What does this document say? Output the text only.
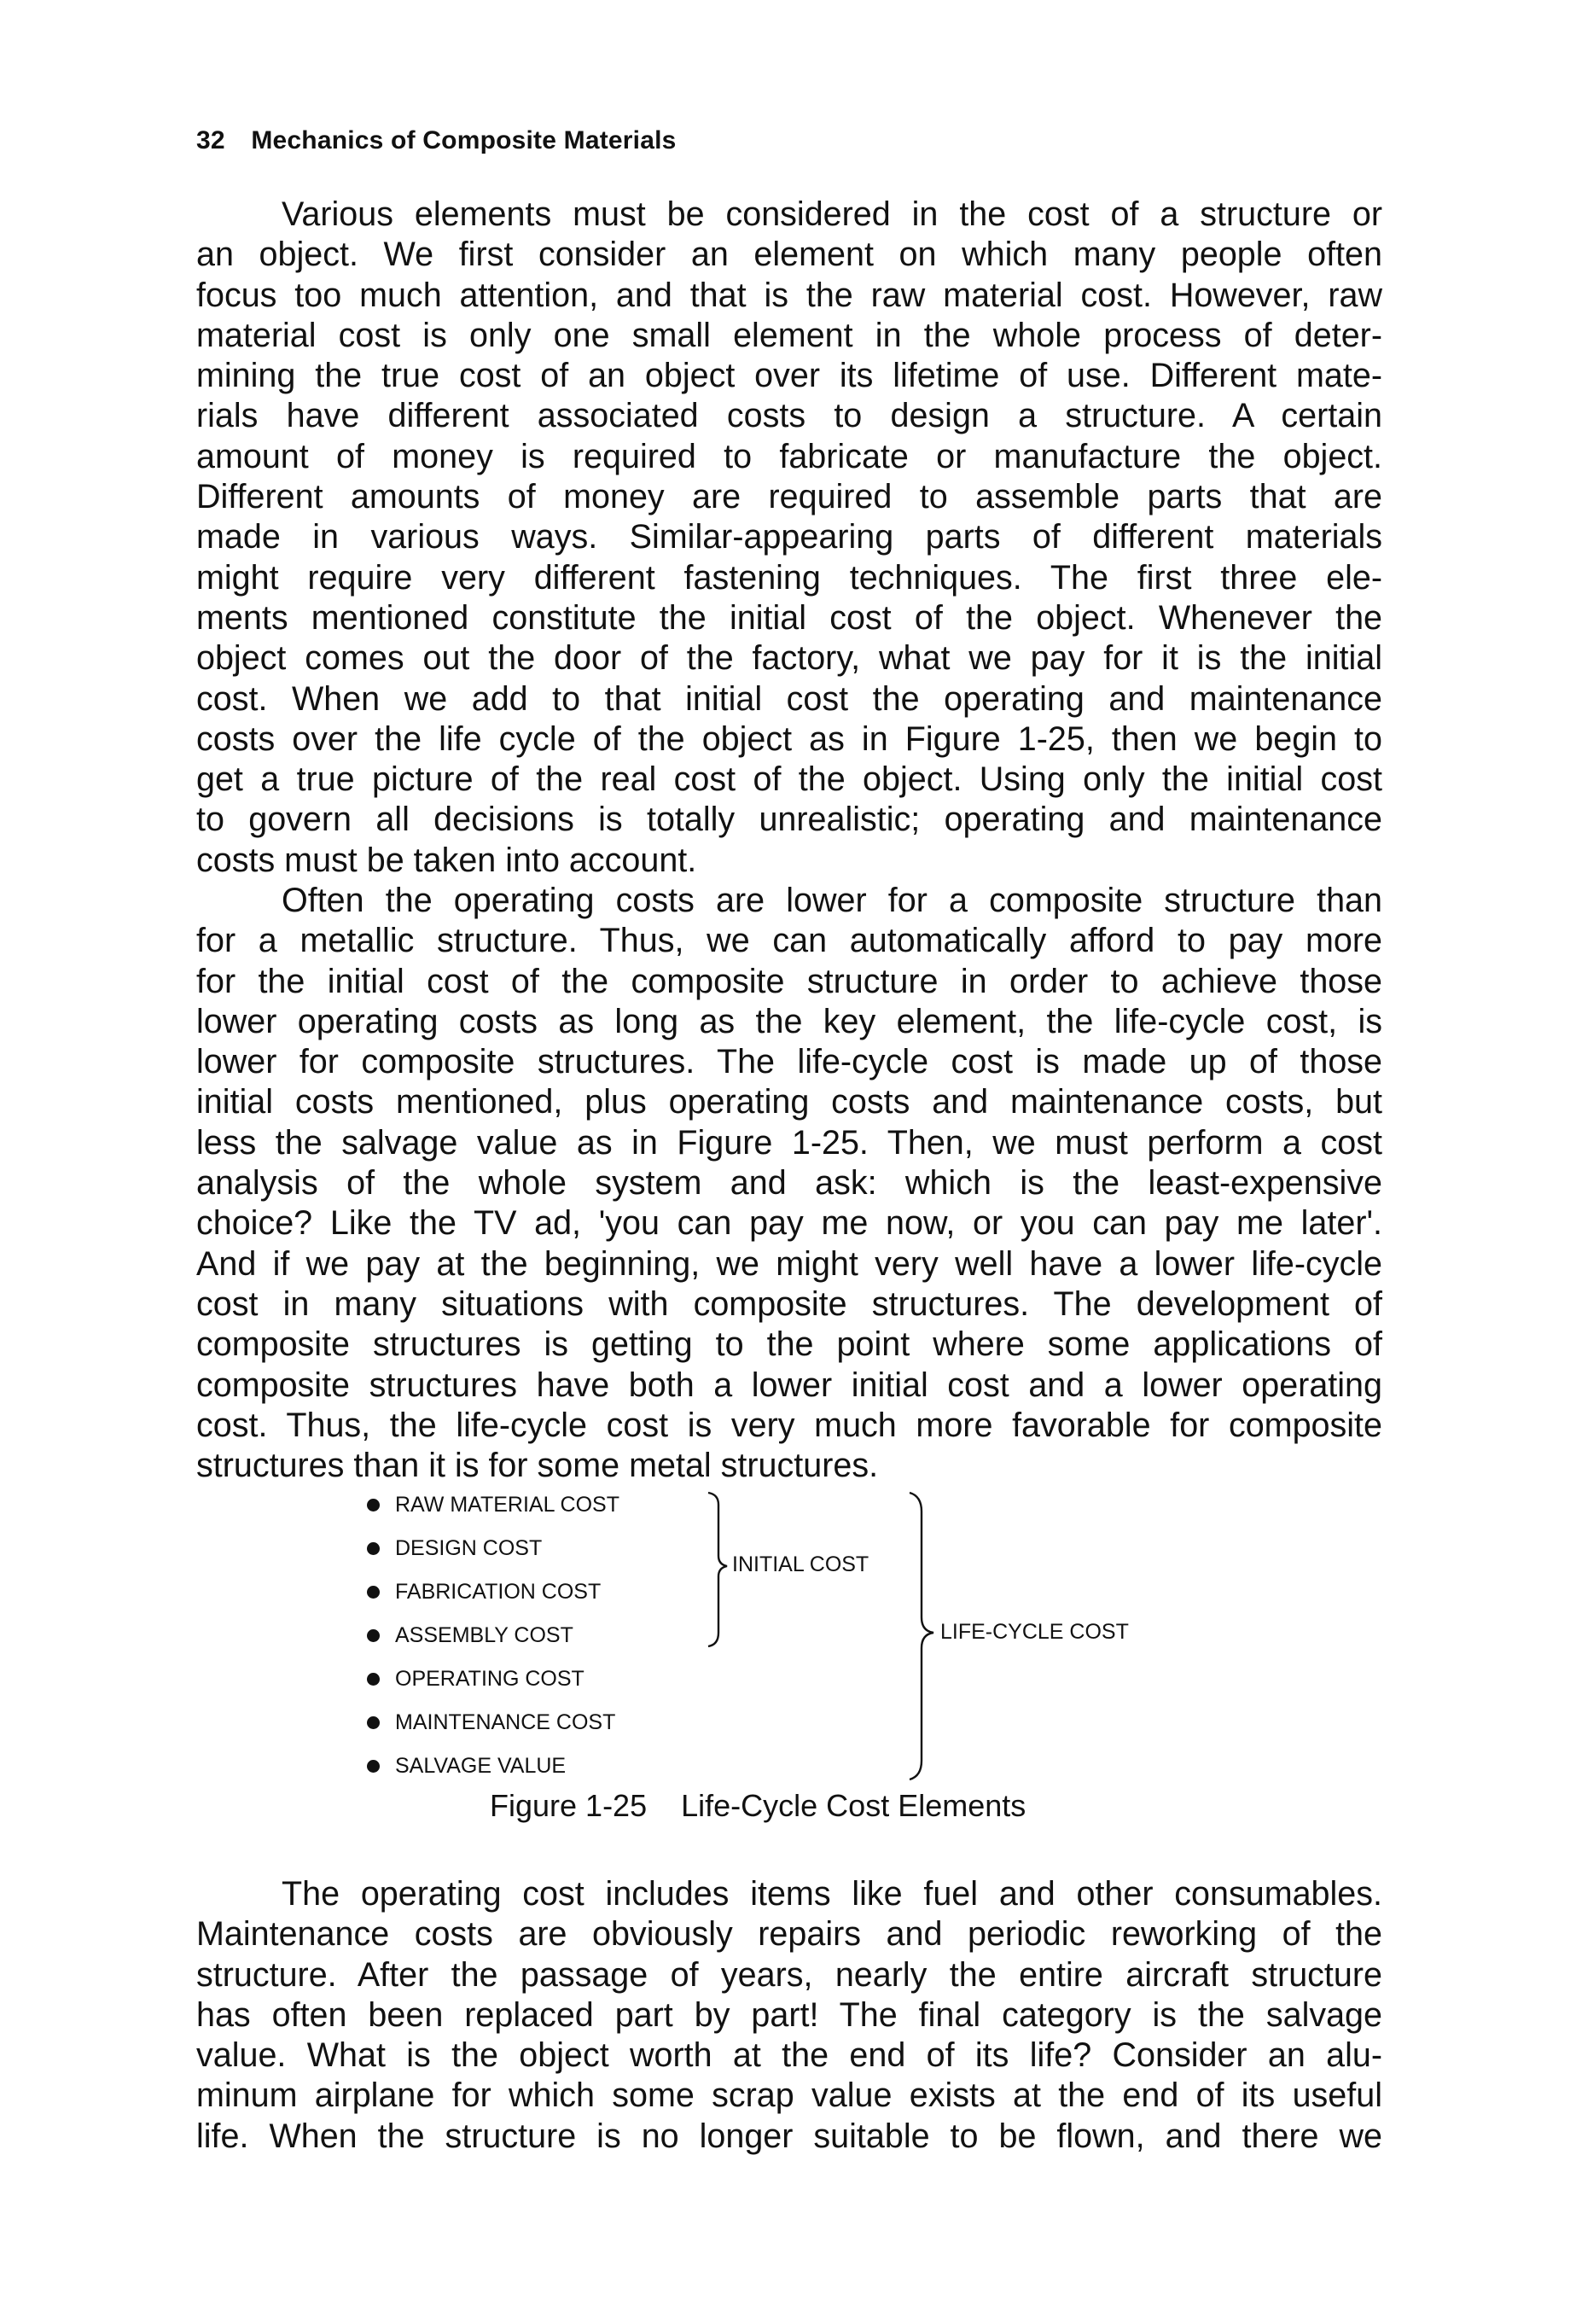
32 Mechanics of Composite Materials
Various elements must be considered in the cost of a structure or
an object. We first consider an element on which many people often
focus too much attention, and that is the raw material cost. However, raw
material cost is only one small element in the whole process of deter-
mining the true cost of an object over its lifetime of use. Different mate-
rials have different associated costs to design a structure. A certain
amount of money is required to fabricate or manufacture the object.
Different amounts of money are required to assemble parts that are
made in various ways. Similar-appearing parts of different materials
might require very different fastening techniques. The first three ele-
ments mentioned constitute the initial cost of the object. Whenever the
object comes out the door of the factory, what we pay for it is the initial
cost. When we add to that initial cost the operating and maintenance
costs over the life cycle of the object as in Figure 1-25, then we begin to
get a true picture of the real cost of the object. Using only the initial cost
to govern all decisions is totally unrealistic; operating and maintenance
costs must be taken into account.
Often the operating costs are lower for a composite structure than
for a metallic structure. Thus, we can automatically afford to pay more
for the initial cost of the composite structure in order to achieve those
lower operating costs as long as the key element, the life-cycle cost, is
lower for composite structures. The life-cycle cost is made up of those
initial costs mentioned, plus operating costs and maintenance costs, but
less the salvage value as in Figure 1-25. Then, we must perform a cost
analysis of the whole system and ask: which is the least-expensive
choice? Like the TV ad, 'you can pay me now, or you can pay me later'.
And if we pay at the beginning, we might very well have a lower life-cycle
cost in many situations with composite structures. The development of
composite structures is getting to the point where some applications of
composite structures have both a lower initial cost and a lower operating
cost. Thus, the life-cycle cost is very much more favorable for composite
structures than it is for some metal structures.
RAW MATERIAL COST
DESIGN COST
FABRICATION COST
ASSEMBLY COST
OPERATING COST
MAINTENANCE COST
SALVAGE VALUE
INITIAL COST
LIFE-CYCLE COST
Figure 1-25 Life-Cycle Cost Elements
The operating cost includes items like fuel and other consumables.
Maintenance costs are obviously repairs and periodic reworking of the
structure. After the passage of years, nearly the entire aircraft structure
has often been replaced part by part! The final category is the salvage
value. What is the object worth at the end of its life? Consider an alu-
minum airplane for which some scrap value exists at the end of its useful
life. When the structure is no longer suitable to be flown, and there we
